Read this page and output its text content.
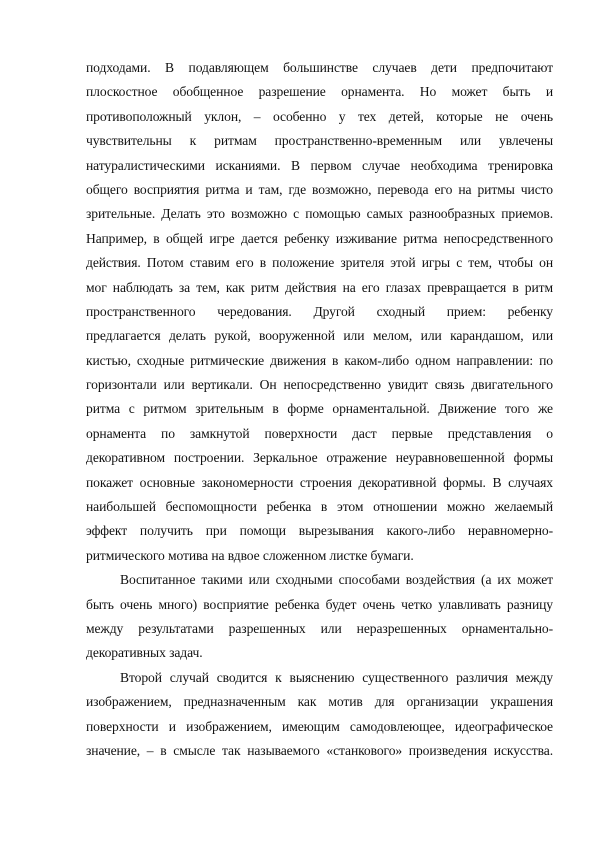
подходами. В подавляющем большинстве случаев дети предпочитают
плоскостное обобщенное разрешение орнамента. Но может быть и
противоположный уклон, – особенно у тех детей, которые не очень
чувствительны к ритмам пространственно-временным или увлечены
натуралистическими исканиями. В первом случае необходима тренировка
общего восприятия ритма и там, где возможно, перевода его на ритмы чисто
зрительные. Делать это возможно с помощью самых разнообразных приемов.
Например, в общей игре дается ребенку изживание ритма непосредственного
действия. Потом ставим его в положение зрителя этой игры с тем, чтобы он
мог наблюдать за тем, как ритм действия на его глазах превращается в ритм
пространственного чередования. Другой сходный прием: ребенку
предлагается делать рукой, вооруженной или мелом, или карандашом, или
кистью, сходные ритмические движения в каком-либо одном направлении: по
горизонтали или вертикали. Он непосредственно увидит связь двигательного
ритма с ритмом зрительным в форме орнаментальной. Движение того же
орнамента по замкнутой поверхности даст первые представления о
декоративном построении. Зеркальное отражение неуравновешенной формы
покажет основные закономерности строения декоративной формы. В случаях
наибольшей беспомощности ребенка в этом отношении можно желаемый
эффект получить при помощи вырезывания какого-либо неравномерно-
ритмического мотива на вдвое сложенном листке бумаги.

Воспитанное такими или сходными способами воздействия (а их может
быть очень много) восприятие ребенка будет очень четко улавливать разницу
между результатами разрешенных или неразрешенных орнаментально-
декоративных задач.

Второй случай сводится к выяснению существенного различия между
изображением, предназначенным как мотив для организации украшения
поверхности и изображением, имеющим самодовлеющее, идеографическое
значение, – в смысле так называемого «станкового» произведения искусства.
